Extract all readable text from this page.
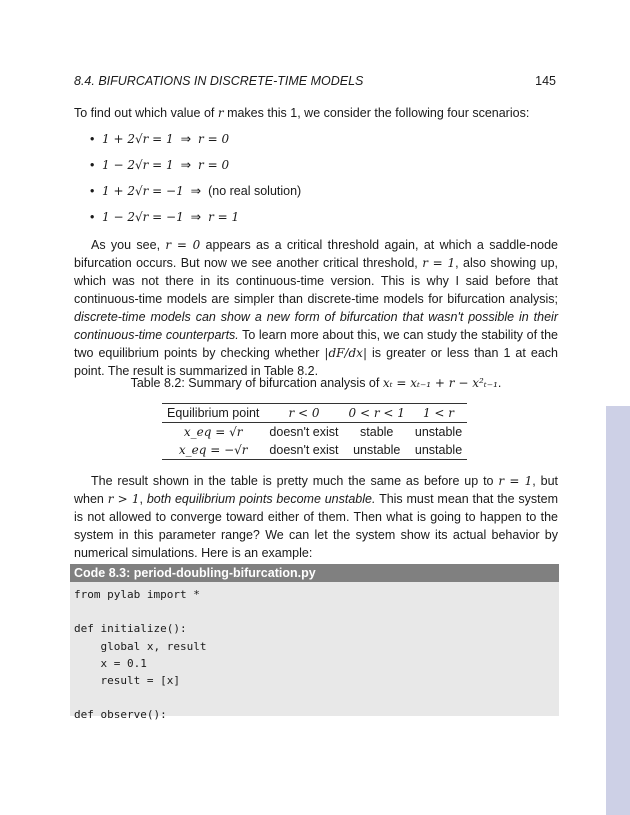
8.4. BIFURCATIONS IN DISCRETE-TIME MODELS	145
To find out which value of r makes this 1, we consider the following four scenarios:
• 1 + 2√r = 1 ⇒ r = 0
• 1 − 2√r = 1 ⇒ r = 0
• 1 + 2√r = −1 ⇒ (no real solution)
• 1 − 2√r = −1 ⇒ r = 1
As you see, r = 0 appears as a critical threshold again, at which a saddle-node bifurcation occurs. But now we see another critical threshold, r = 1, also showing up, which was not there in its continuous-time version. This is why I said before that continuous-time models are simpler than discrete-time models for bifurcation analysis; discrete-time models can show a new form of bifurcation that wasn't possible in their continuous-time counterparts. To learn more about this, we can study the stability of the two equilibrium points by checking whether |dF/dx| is greater or less than 1 at each point. The result is summarized in Table 8.2.
Table 8.2: Summary of bifurcation analysis of xₜ = xₜ₋₁ + r − x²ₜ₋₁.
Equilibrium point	r < 0	0 < r < 1	1 < r
x_eq = √r	doesn't exist	stable	unstable
x_eq = −√r	doesn't exist	unstable	unstable
The result shown in the table is pretty much the same as before up to r = 1, but when r > 1, both equilibrium points become unstable. This must mean that the system is not allowed to converge toward either of them. Then what is going to happen to the system in this parameter range? We can let the system show its actual behavior by numerical simulations. Here is an example:
Code 8.3: period-doubling-bifurcation.py
from pylab import *
def initialize():
global x, result
x = 0.1
result = [x]
def observe():
